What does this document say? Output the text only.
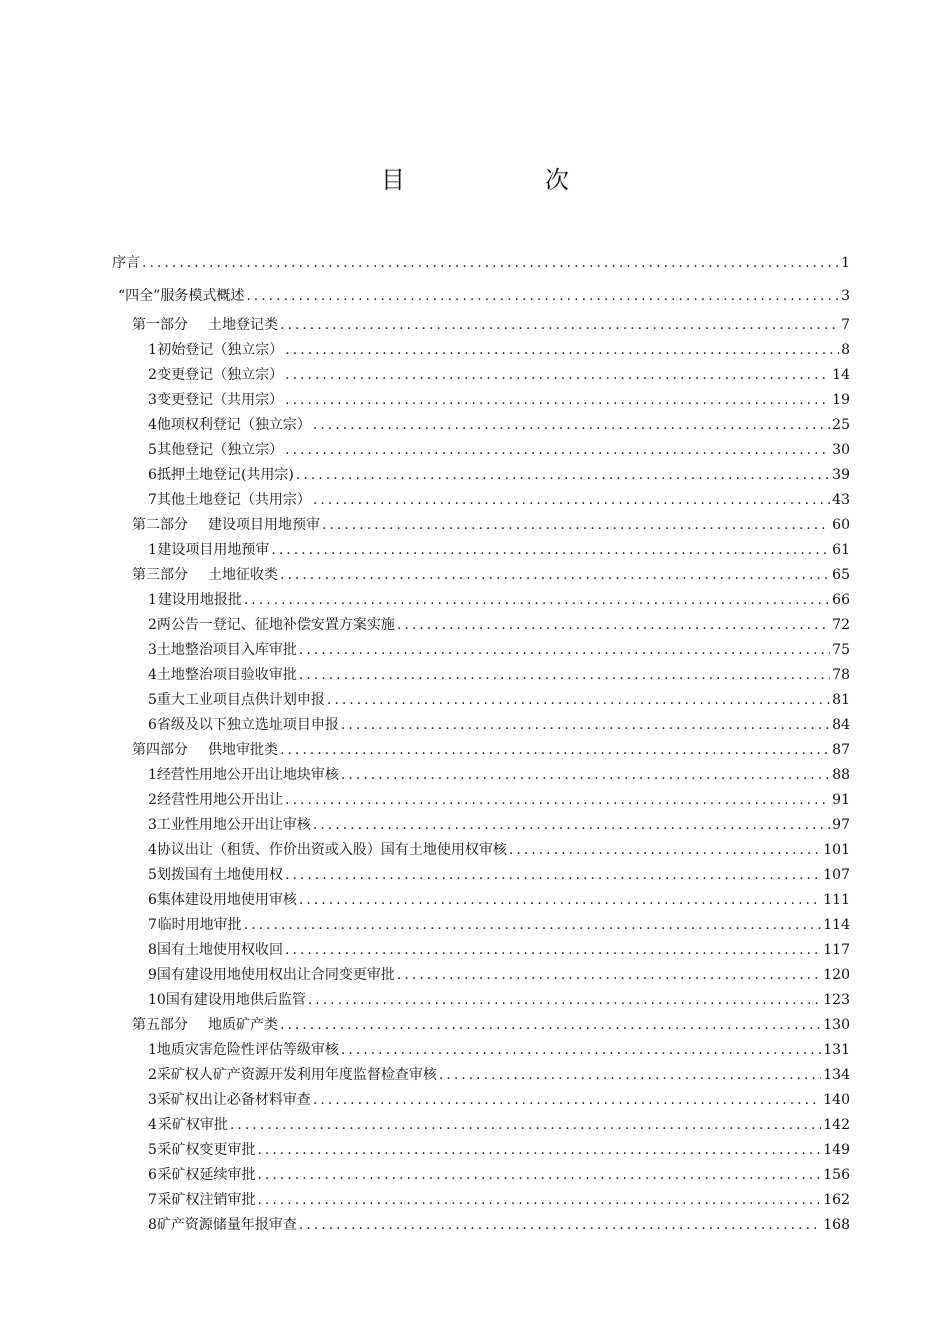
目　次
序言 .....	1
“四全”服务模式概述 .....	3
第一部分 土地登记类 .....	7
1 初始登记（独立宗） .....	8
2 变更登记（独立宗） .....	14
3 变更登记（共用宗） .....	19
4 他项权利登记（独立宗） .....	25
5 其他登记（独立宗） .....	30
6 抵押土地登记(共用宗) .....	39
7 其他土地登记（共用宗） .....	43
第二部分 建设项目用地预审 .....	60
1 建设项目用地预审 .....	61
第三部分 土地征收类 .....	65
1 建设用地报批 .....	66
2 两公告一登记、征地补偿安置方案实施 .....	72
3 土地整治项目入库审批 .....	75
4 土地整治项目验收审批 .....	78
5 重大工业项目点供计划申报 .....	81
6 省级及以下独立选址项目申报 .....	84
第四部分 供地审批类 .....	87
1 经营性用地公开出让地块审核 .....	88
2 经营性用地公开出让 .....	91
3 工业性用地公开出让审核 .....	97
4 协议出让（租赁、作价出资或入股）国有土地使用权审核 .....	101
5 划拨国有土地使用权 .....	107
6 集体建设用地使用审核 .....	111
7 临时用地审批 .....	114
8 国有土地使用权收回 .....	117
9 国有建设用地使用权出让合同变更审批 .....	120
10 国有建设用地供后监管 .....	123
第五部分 地质矿产类 .....	130
1 地质灾害危险性评估等级审核 .....	131
2 采矿权人矿产资源开发利用年度监督检查审核 .....	134
3 采矿权出让必备材料审查 .....	140
4 采矿权审批 .....	142
5 采矿权变更审批 .....	149
6 采矿权延续审批 .....	156
7 采矿权注销审批 .....	162
8 矿产资源储量年报审查 .....	168
